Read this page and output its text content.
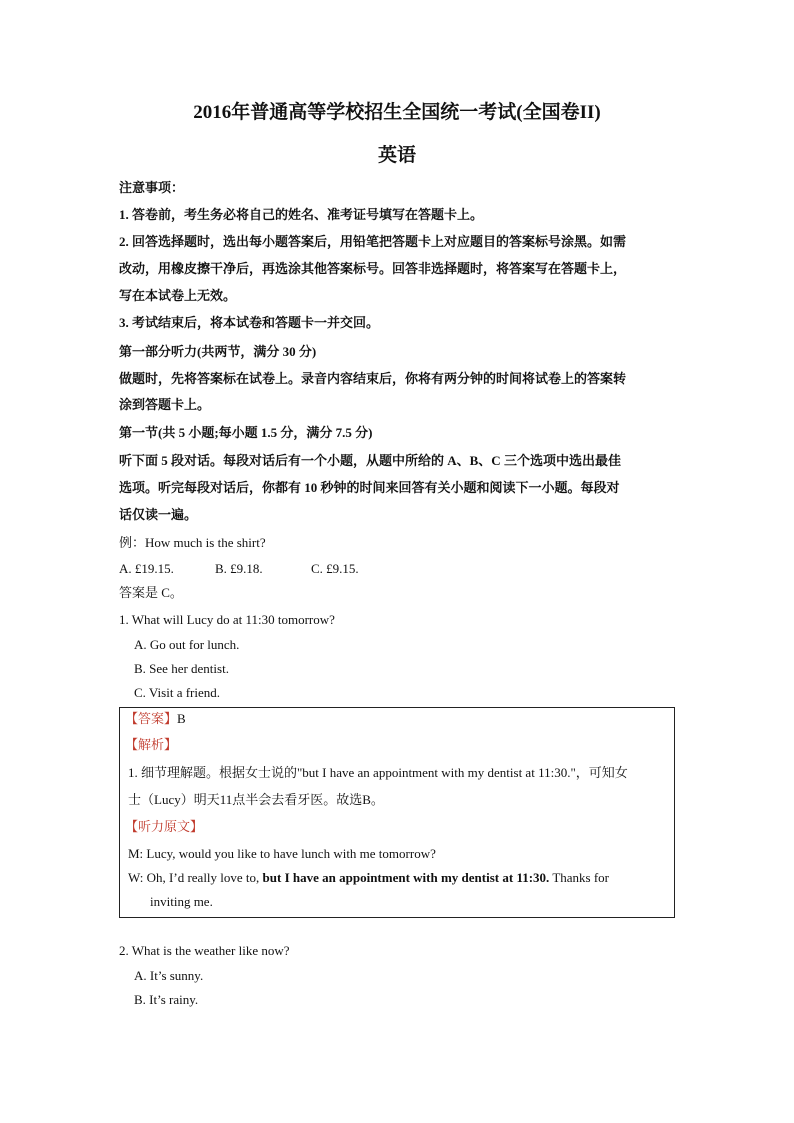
2016年普通高等学校招生全国统一考试(全国卷II)
英语
注意事项：
1. 答卷前，考生务必将自己的姓名、准考证号填写在答题卡上。
2. 回答选择题时，选出每小题答案后，用铅笔把答题卡上对应题目的答案标号涂黑。如需
改动，用橡皮擦干净后，再选涂其他答案标号。回答非选择题时，将答案写在答题卡上，
写在本试卷上无效。
3. 考试结束后，将本试卷和答题卡一并交回。
第一部分听力(共两节，满分 30 分)
做题时，先将答案标在试卷上。录音内容结束后，你将有两分钟的时间将试卷上的答案转
涂到答题卡上。
第一节(共 5 小题;每小题 1.5 分，满分 7.5 分)
听下面 5 段对话。每段对话后有一个小题，从题中所给的 A、B、C 三个选项中选出最佳
选项。听完每段对话后，你都有 10 秒钟的时间来回答有关小题和阅读下一小题。每段对
话仅读一遍。
例：How much is the shirt?
A. £19.15.	B. £9.18.	C. £9.15.
答案是 C。
1. What will Lucy do at 11:30 tomorrow?
A. Go out for lunch.
B. See her dentist.
C. Visit a friend.
【答案】B
【解析】
1. 细节理解题。根据女士说的"but I have an appointment with my dentist at 11:30."，可知女
士（Lucy）明天11点半会去看牙医。故选B。
【听力原文】
M: Lucy, would you like to have lunch with me tomorrow?
W: Oh, I’d really love to, but I have an appointment with my dentist at 11:30. Thanks for
inviting me.
2. What is the weather like now?
A. It’s sunny.
B. It’s rainy.
